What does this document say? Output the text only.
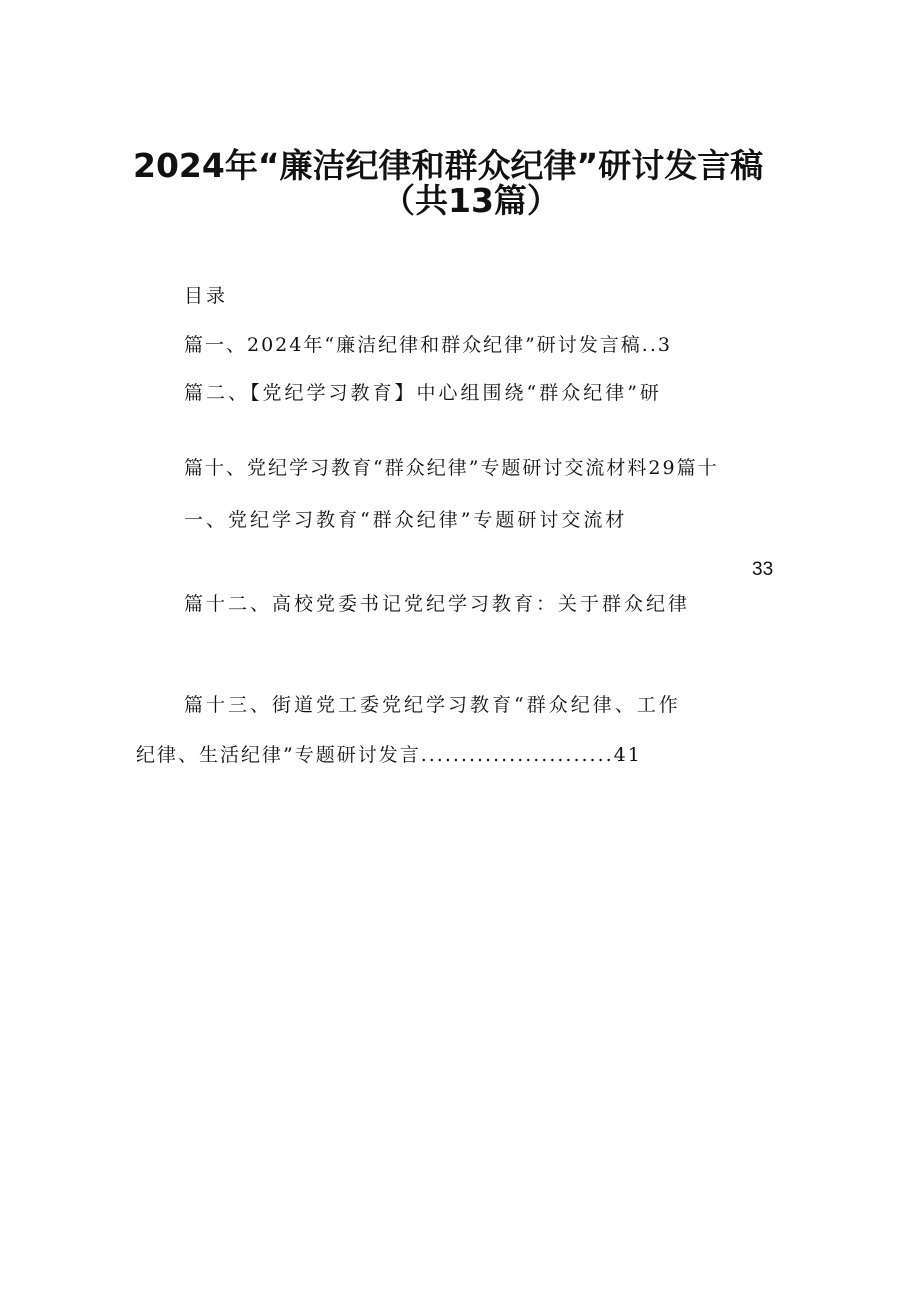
2024年“廉洁纪律和群众纪律”研讨发言稿
（共13篇）
目录
篇一、2024年“廉洁纪律和群众纪律”研讨发言稿..3
篇二、【党纪学习教育】中心组围绕“群众纪律”研
篇十、党纪学习教育“群众纪律”专题研讨交流材料29篇十
一、党纪学习教育“群众纪律”专题研讨交流材
33
篇十二、高校党委书记党纪学习教育：关于群众纪律
篇十三、街道党工委党纪学习教育“群众纪律、工作
纪律、生活纪律”专题研讨发言........................41
